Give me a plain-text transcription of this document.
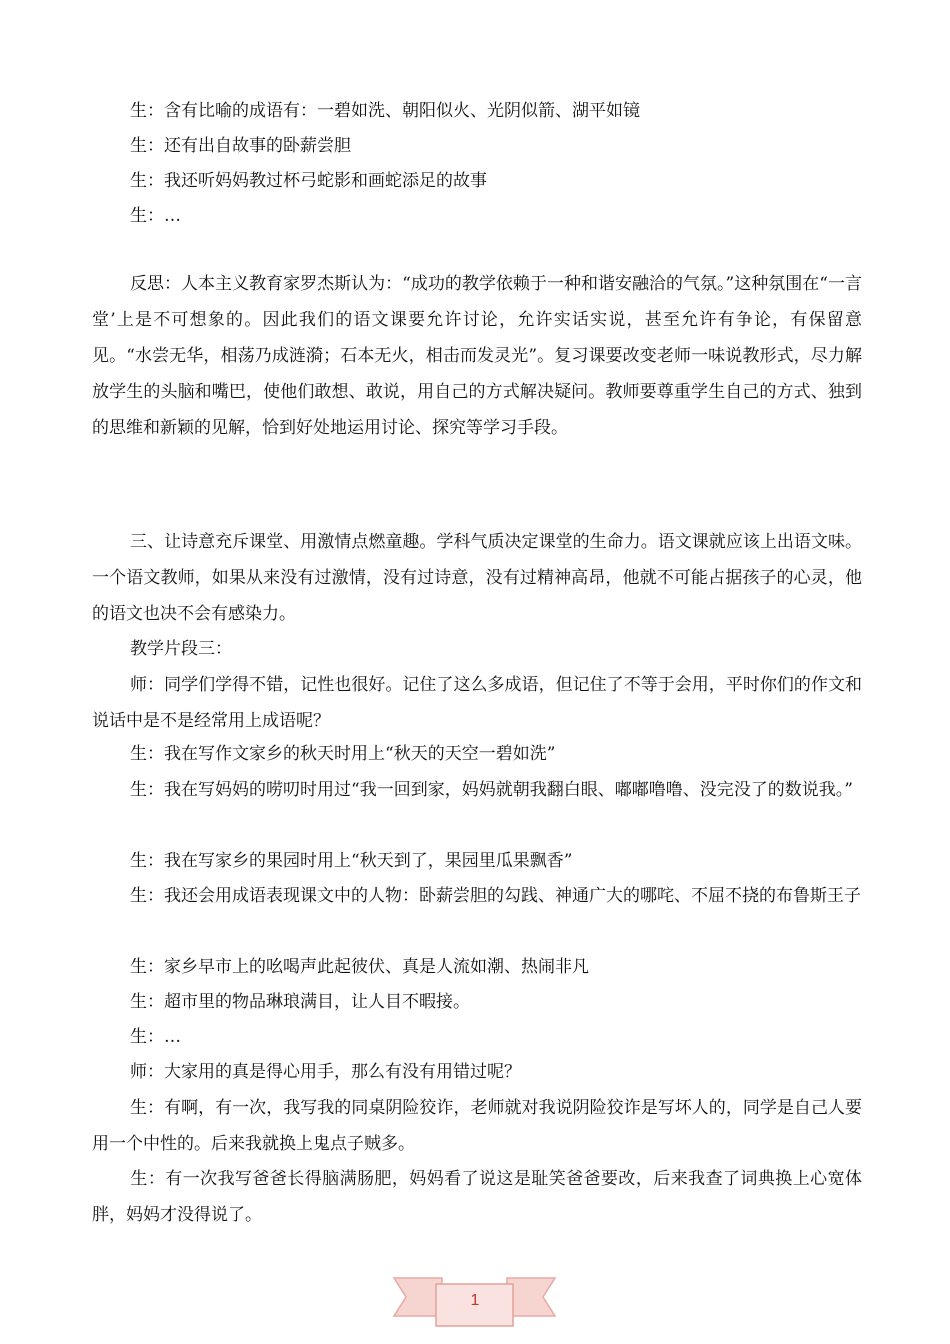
生：含有比喻的成语有：一碧如洗、朝阳似火、光阴似箭、湖平如镜

生：还有出自故事的卧薪尝胆

生：我还听妈妈教过杯弓蛇影和画蛇添足的故事

生：…

反思：人本主义教育家罗杰斯认为：“成功的教学依赖于一种和谐安融洽的气氛。”这种氛围在“一言堂’上是不可想象的。因此我们的语文课要允许讨论，允许实话实说，甚至允许有争论，有保留意见。“水尝无华，相荡乃成涟漪；石本无火，相击而发灵光”。复习课要改变老师一味说教形式，尽力解放学生的头脑和嘴巴，使他们敢想、敢说，用自己的方式解决疑问。教师要尊重学生自己的方式、独到的思维和新颖的见解，恰到好处地运用讨论、探究等学习手段。
三、让诗意充斥课堂、用激情点燃童趣。学科气质决定课堂的生命力。语文课就应该上出语文味。一个语文教师，如果从来没有过激情，没有过诗意，没有过精神高昂，他就不可能占据孩子的心灵，他的语文也决不会有感染力。

教学片段三：

师：同学们学得不错，记性也很好。记住了这么多成语，但记住了不等于会用，平时你们的作文和说话中是不是经常用上成语呢？

生：我在写作文家乡的秋天时用上“秋天的天空一碧如洗”

生：我在写妈妈的唠叨时用过“我一回到家，妈妈就朝我翻白眼、嘟嘟噜噜、没完没了的数说我。”

生：我在写家乡的果园时用上“秋天到了，果园里瓜果飘香”

生：我还会用成语表现课文中的人物：卧薪尝胆的勾践、神通广大的哪咤、不屈不挠的布鲁斯王子

生：家乡早市上的吆喝声此起彼伏、真是人流如潮、热闹非凡

生：超市里的物品琳琅满目，让人目不暇接。

生：…

师：大家用的真是得心用手，那么有没有用错过呢？

生：有啊，有一次，我写我的同桌阴险狡诈，老师就对我说阴险狡诈是写坏人的，同学是自己人要用一个中性的。后来我就换上鬼点子贼多。
生：有一次我写爸爸长得脑满肠肥，妈妈看了说这是耻笑爸爸要改，后来我查了词典换上心宽体胖，妈妈才没得说了。
1
